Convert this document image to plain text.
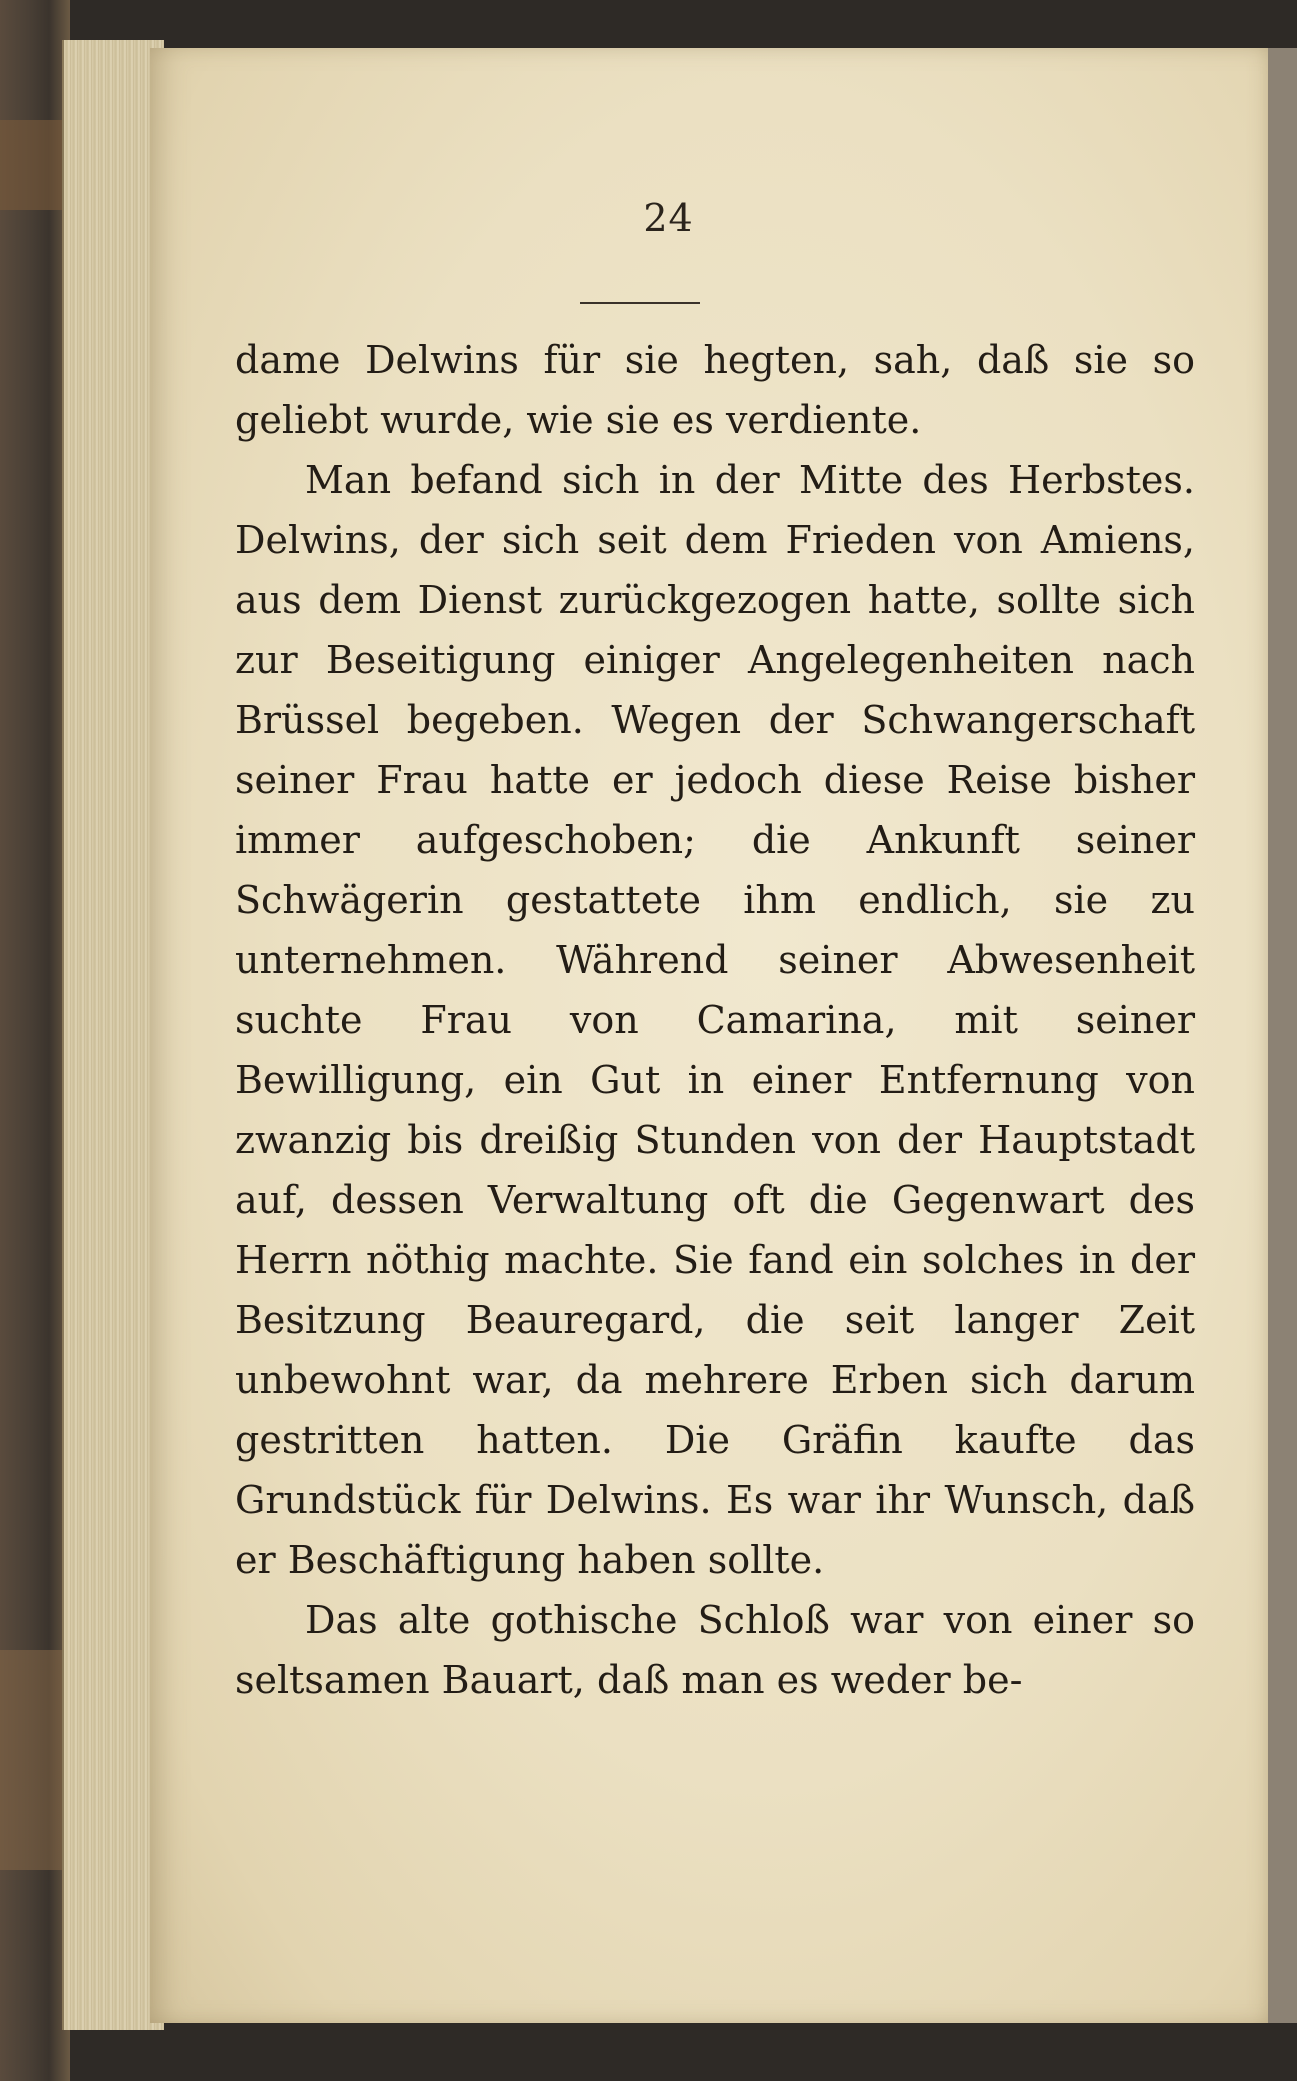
24

dame Delwins für sie hegten, sah, daß sie so geliebt wurde, wie sie es verdiente.

Man befand sich in der Mitte des Herbstes. Delwins, der sich seit dem Frieden von Amiens, aus dem Dienst zurückgezogen hatte, sollte sich zur Beseitigung einiger Angelegenheiten nach Brüssel begeben. Wegen der Schwangerschaft seiner Frau hatte er jedoch diese Reise bisher immer aufgeschoben; die Ankunft seiner Schwägerin gestattete ihm endlich, sie zu unternehmen. Während seiner Abwesenheit suchte Frau von Camarina, mit seiner Bewilligung, ein Gut in einer Entfernung von zwanzig bis dreißig Stunden von der Hauptstadt auf, dessen Verwaltung oft die Gegenwart des Herrn nöthig machte. Sie fand ein solches in der Besitzung Beauregard, die seit langer Zeit unbewohnt war, da mehrere Erben sich darum gestritten hatten. Die Gräfin kaufte das Grundstück für Delwins. Es war ihr Wunsch, daß er Beschäftigung haben sollte.

Das alte gothische Schloß war von einer so seltsamen Bauart, daß man es weder be-
